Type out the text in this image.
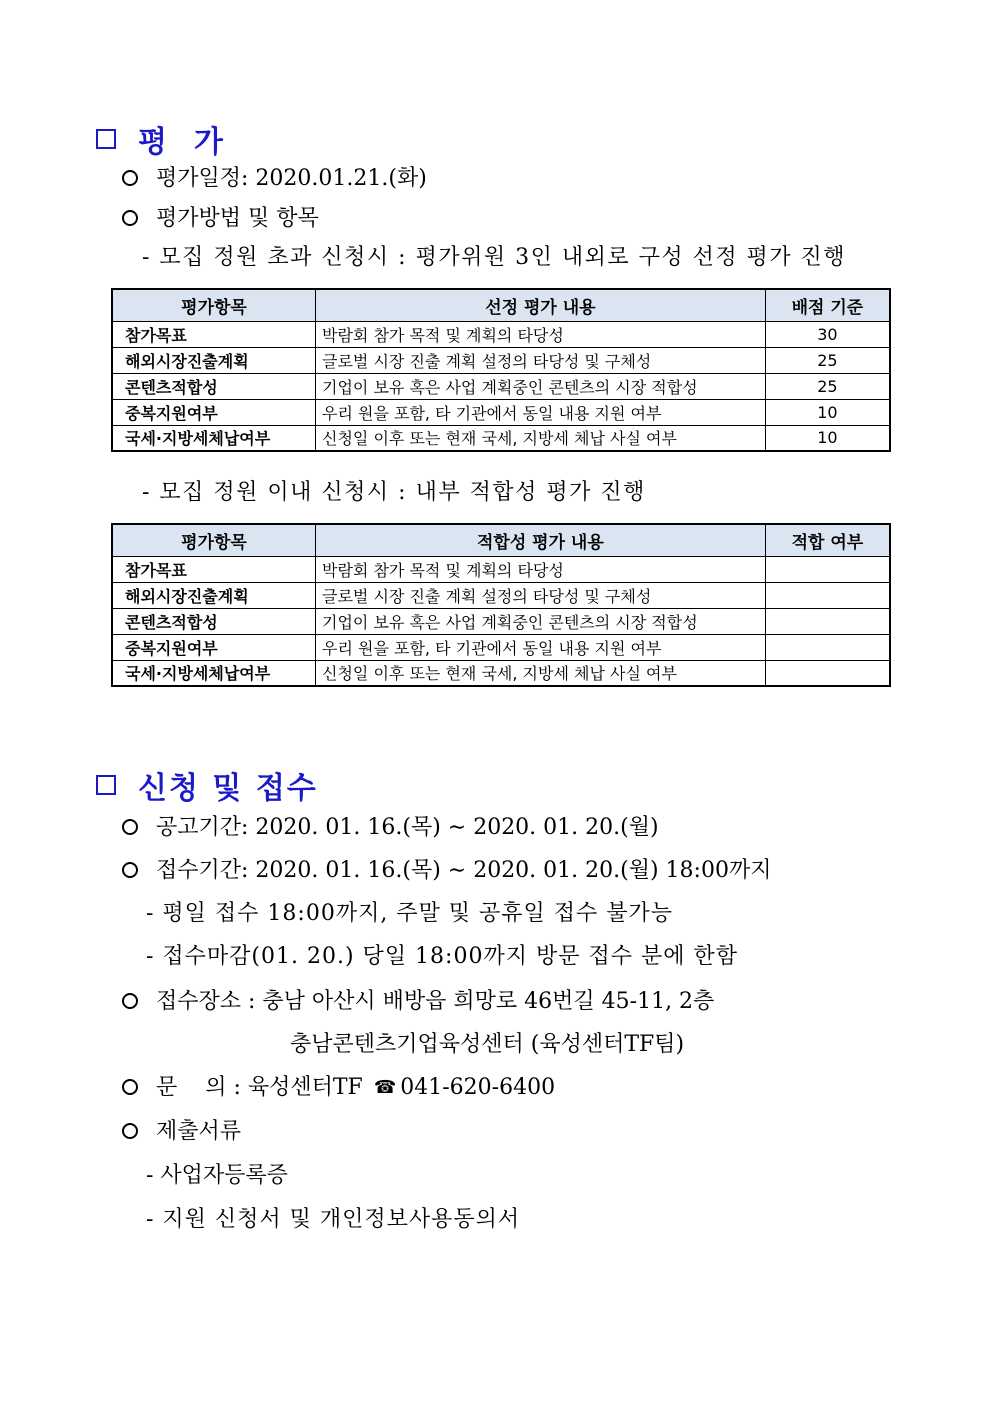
평  가
평가일정: 2020.01.21.(화)
평가방법 및 항목
- 모집 정원 초과 신청시 : 평가위원 3인 내외로 구성 선정 평가 진행
평가항목	선정 평가 내용	배점 기준
참가목표	박람회 참가 목적 및 계획의 타당성	30
해외시장진출계획	글로벌 시장 진출 계획 설정의 타당성 및 구체성	25
콘텐츠적합성	기업이 보유 혹은 사업 계획중인 콘텐츠의 시장 적합성	25
중복지원여부	우리 원을 포함, 타 기관에서 동일 내용 지원 여부	10
국세·지방세체납여부	신청일 이후 또는 현재 국세, 지방세 체납 사실 여부	10
- 모집 정원 이내 신청시 : 내부 적합성 평가 진행
평가항목	적합성 평가 내용	적합 여부
참가목표	박람회 참가 목적 및 계획의 타당성	
해외시장진출계획	글로벌 시장 진출 계획 설정의 타당성 및 구체성	
콘텐츠적합성	기업이 보유 혹은 사업 계획중인 콘텐츠의 시장 적합성	
중복지원여부	우리 원을 포함, 타 기관에서 동일 내용 지원 여부	
국세·지방세체납여부	신청일 이후 또는 현재 국세, 지방세 체납 사실 여부	
신청 및 접수
공고기간: 2020. 01. 16.(목) ∼ 2020. 01. 20.(월)
접수기간: 2020. 01. 16.(목) ∼ 2020. 01. 20.(월) 18:00까지
- 평일 접수 18:00까지, 주말 및 공휴일 접수 불가능
- 접수마감(01. 20.) 당일 18:00까지 방문 접수 분에 한함
접수장소 : 충남 아산시 배방읍 희망로 46번길 45-11, 2층
충남콘텐츠기업육성센터 (육성센터TF팀)
문    의 : 육성센터TF ☎ 041-620-6400
제출서류
- 사업자등록증
- 지원 신청서 및 개인정보사용동의서
